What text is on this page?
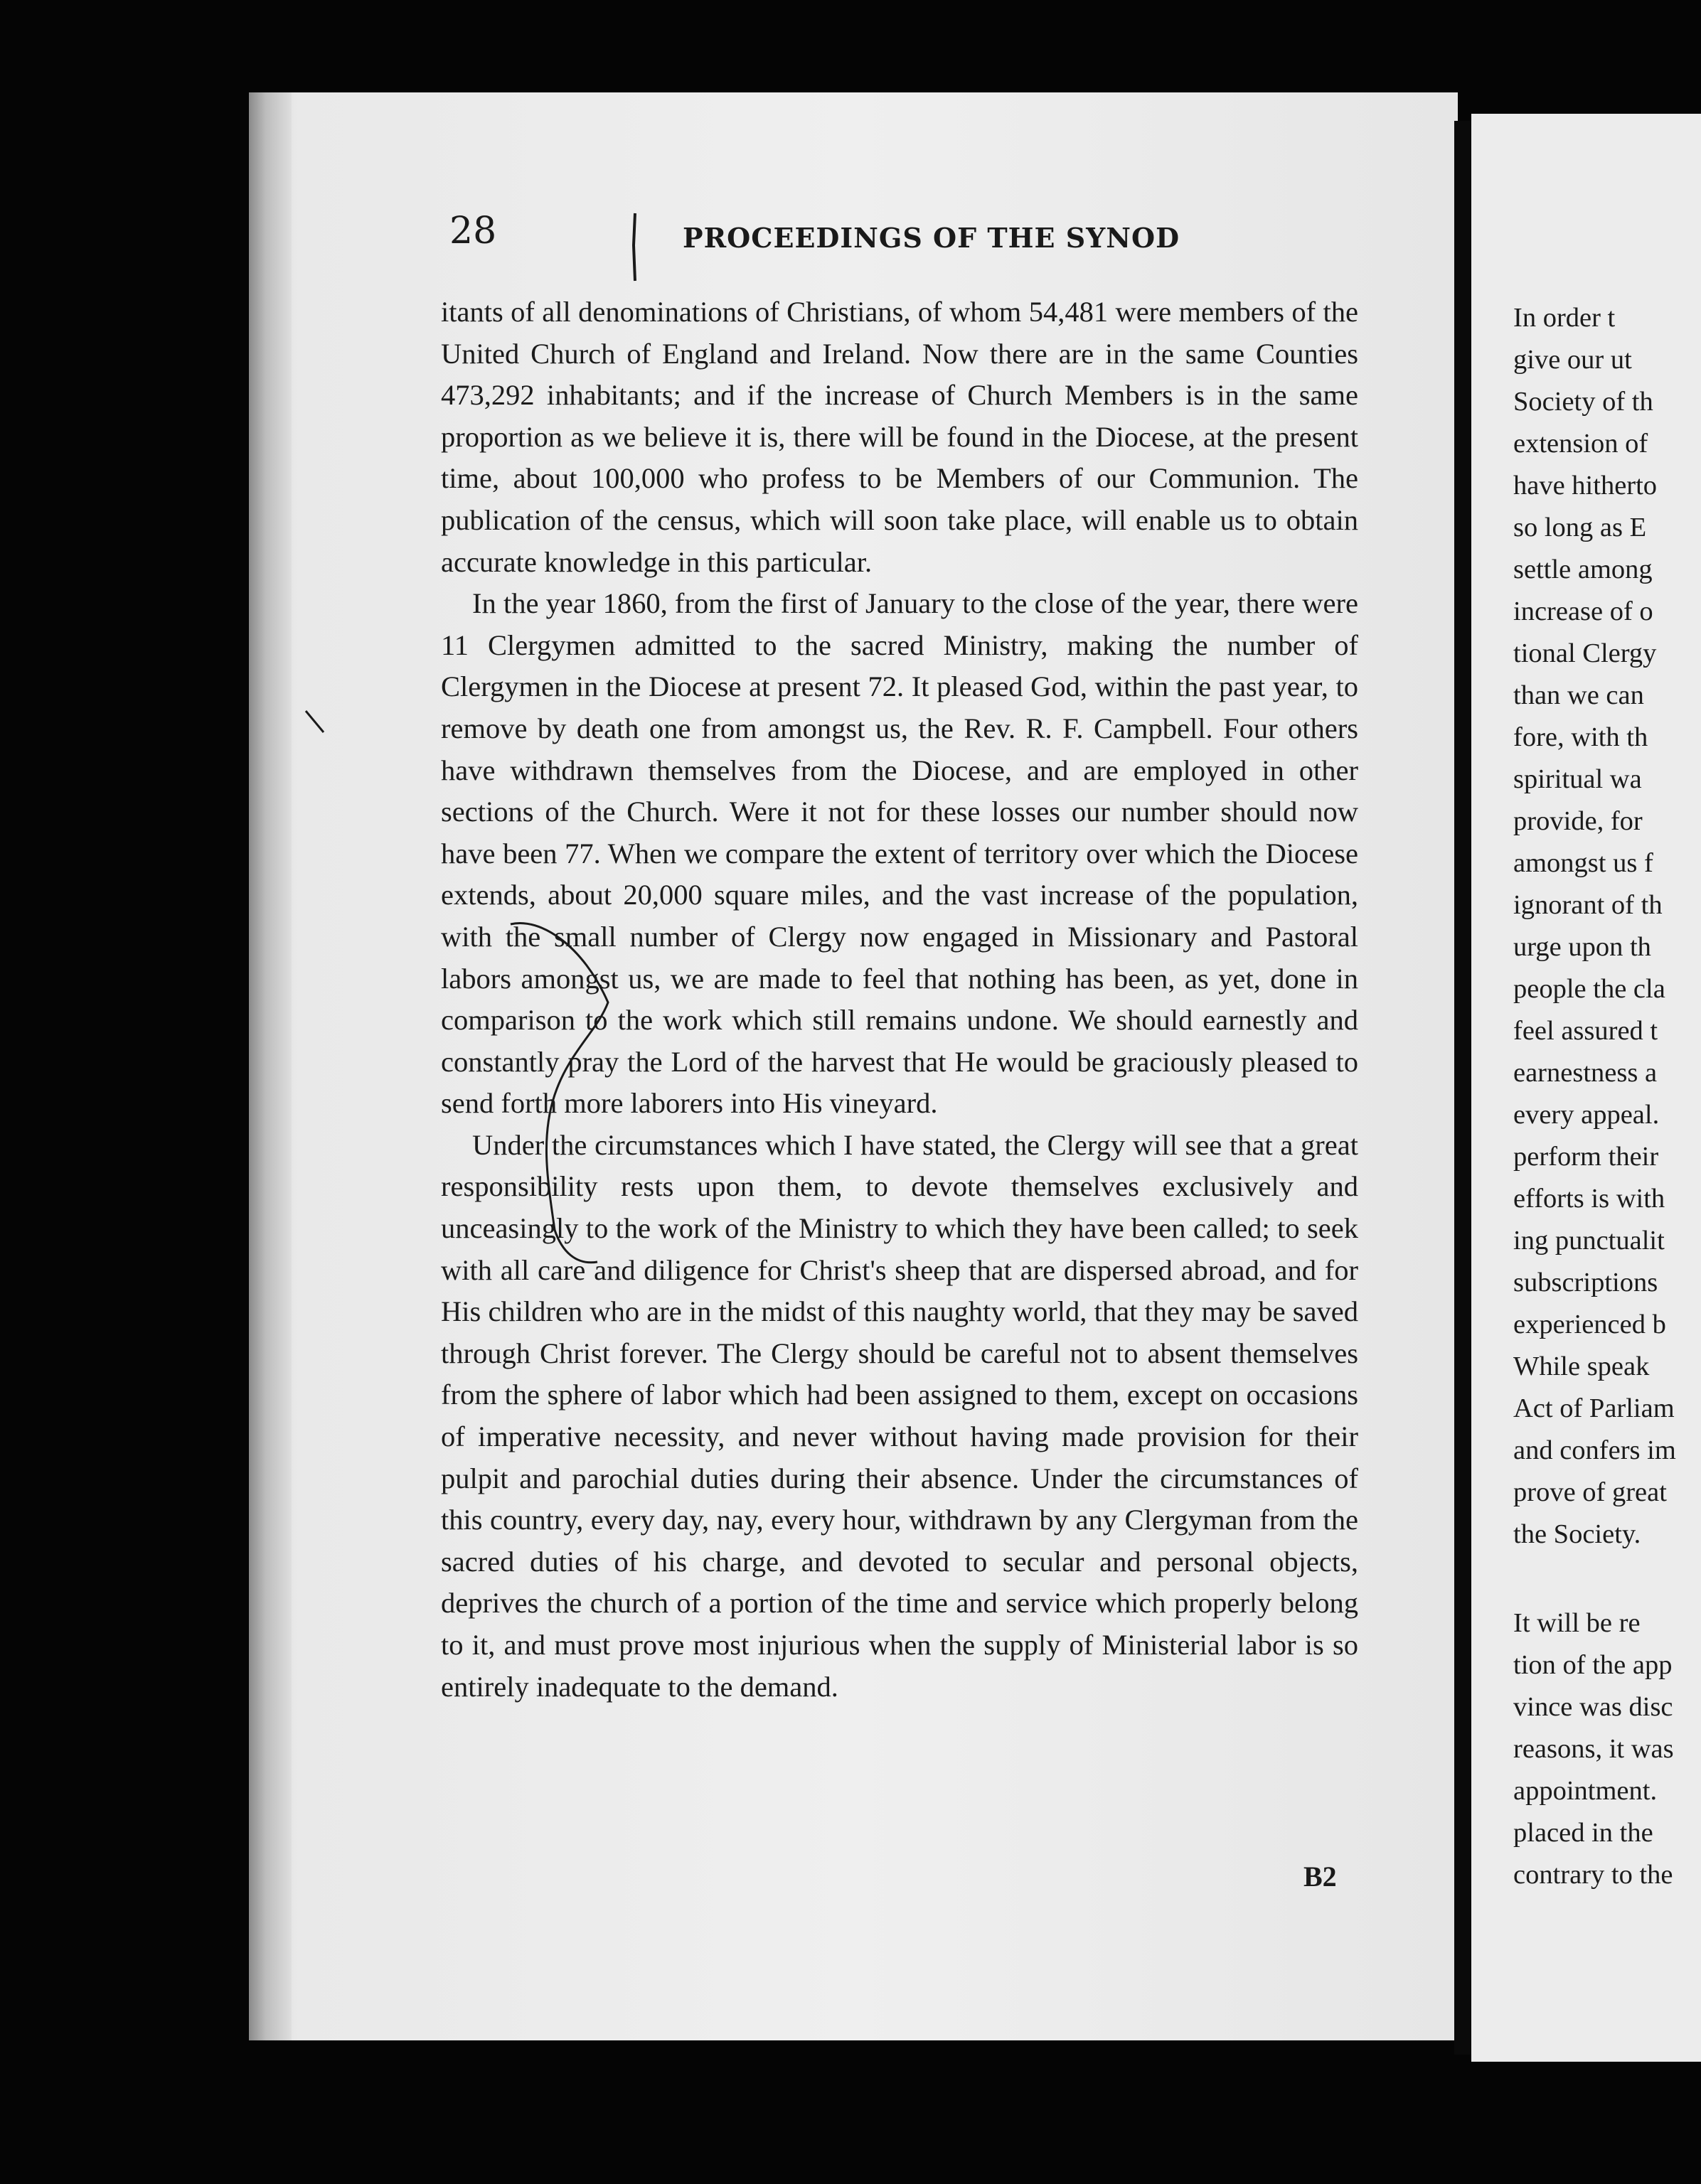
28	PROCEEDINGS OF THE SYNOD

itants of all denominations of Christians, of whom 54,481 were members of the United Church of England and Ireland. Now there are in the same Counties 473,292 inhabitants; and if the increase of Church Members is in the same proportion as we believe it is, there will be found in the Diocese, at the present time, about 100,000 who profess to be Members of our Communion. The publication of the census, which will soon take place, will enable us to obtain accurate knowledge in this particular.

In the year 1860, from the first of January to the close of the year, there were 11 Clergymen admitted to the sacred Ministry, making the number of Clergymen in the Diocese at present 72. It pleased God, within the past year, to remove by death one from amongst us, the Rev. R. F. Campbell. Four others have withdrawn themselves from the Diocese, and are employed in other sections of the Church. Were it not for these losses our number should now have been 77. When we compare the extent of territory over which the Diocese extends, about 20,000 square miles, and the vast increase of the population, with the small number of Clergy now engaged in Missionary and Pastoral labors amongst us, we are made to feel that nothing has been, as yet, done in comparison to the work which still remains undone. We should earnestly and constantly pray the Lord of the harvest that He would be graciously pleased to send forth more laborers into His vineyard.

Under the circumstances which I have stated, the Clergy will see that a great responsibility rests upon them, to devote themselves exclusively and unceasingly to the work of the Ministry to which they have been called; to seek with all care and diligence for Christ's sheep that are dispersed abroad, and for His children who are in the midst of this naughty world, that they may be saved through Christ forever. The Clergy should be careful not to absent themselves from the sphere of labor which had been assigned to them, except on occasions of imperative necessity, and never without having made provision for their pulpit and parochial duties during their absence. Under the circumstances of this country, every day, nay, every hour, withdrawn by any Clergyman from the sacred duties of his charge, and devoted to secular and personal objects, deprives the church of a portion of the time and service which properly belong to it, and must prove most injurious when the supply of Ministerial labor is so entirely inadequate to the demand.

B2
In order t
give our ut
Society of th
extension of
have hitherto
so long as E
settle among
increase of o
tional Clergy
than we can
fore, with th
spiritual wa
provide, for
amongst us f
ignorant of th
urge upon th
people the cla
feel assured t
earnestness a
every appeal.
perform their
efforts is with
ing punctualit
subscriptions
experienced b
While speak
Act of Parliam
and confers im
prove of great
the Society.
It will be re
tion of the app
vince was disc
reasons, it was
appointment.
placed in the
contrary to the
